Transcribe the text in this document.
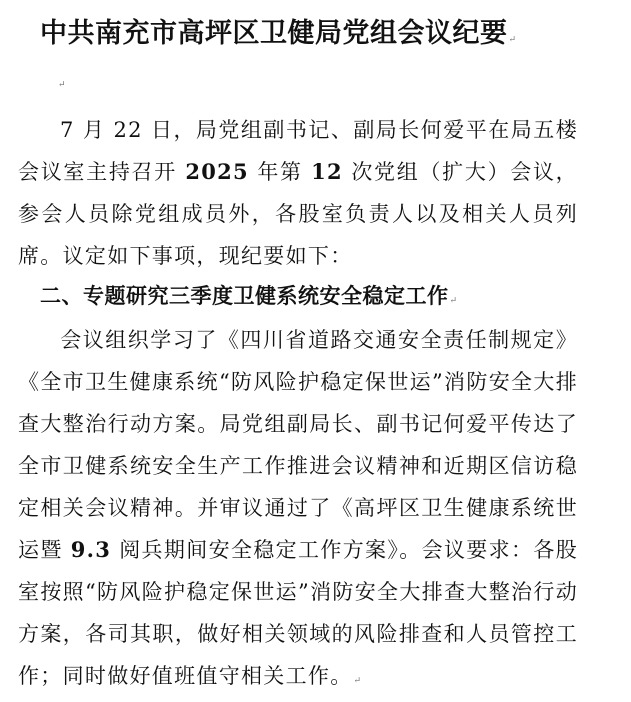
中共南充市高坪区卫健局党组会议纪要↵
↵

7 月 22 日，局党组副书记、副局长何爱平在局五楼会议室主持召开 2025 年第 12 次党组（扩大）会议，参会人员除党组成员外，各股室负责人以及相关人员列席。议定如下事项，现纪要如下：

二、专题研究三季度卫健系统安全稳定工作↵

会议组织学习了《四川省道路交通安全责任制规定》《全市卫生健康系统“防风险护稳定保世运”消防安全大排查大整治行动方案。局党组副局长、副书记何爱平传达了全市卫健系统安全生产工作推进会议精神和近期区信访稳定相关会议精神。并审议通过了《高坪区卫生健康系统世运暨 9.3 阅兵期间安全稳定工作方案》。会议要求：各股室按照“防风险护稳定保世运”消防安全大排查大整治行动方案，各司其职，做好相关领域的风险排查和人员管控工作；同时做好值班值守相关工作。↵
